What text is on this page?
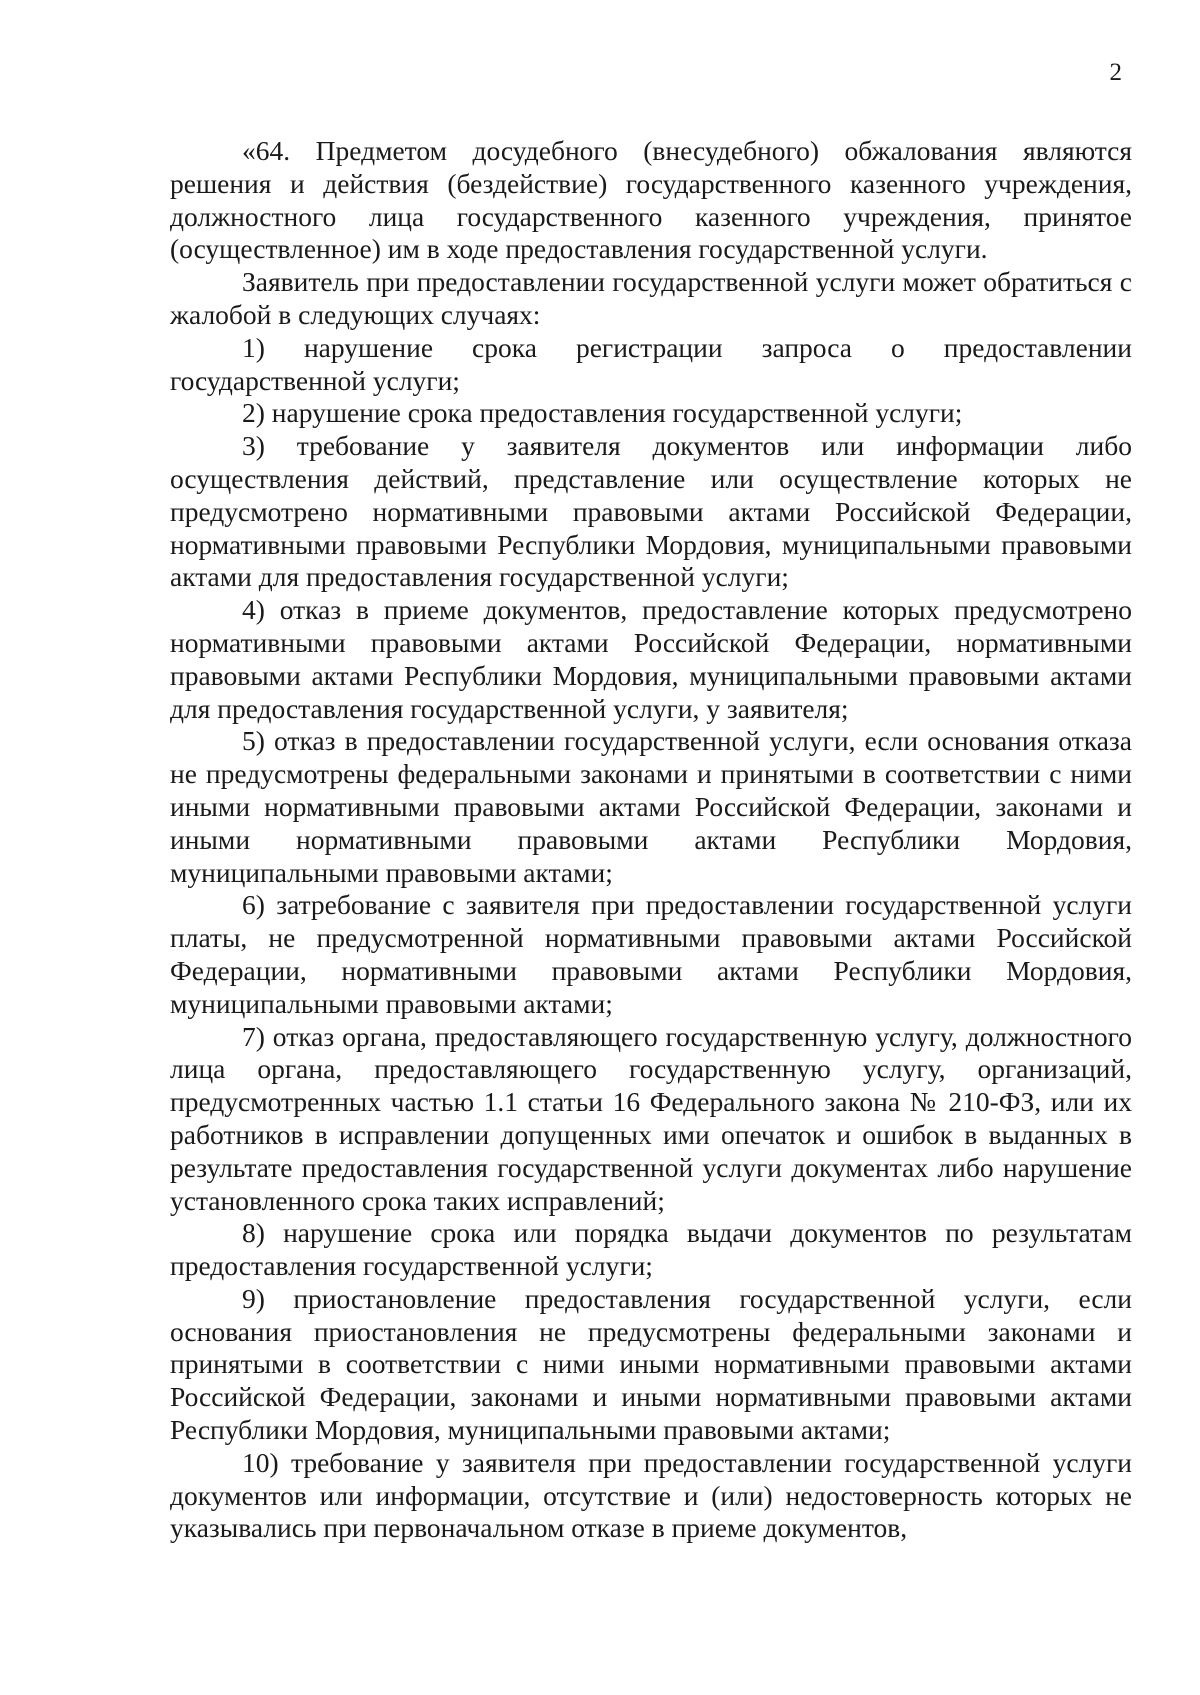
2

«64. Предметом досудебного (внесудебного) обжалования являются решения и действия (бездействие) государственного казенного учреждения, должностного лица государственного казенного учреждения, принятое (осуществленное) им в ходе предоставления государственной услуги.

Заявитель при предоставлении государственной услуги может обратиться с жалобой в следующих случаях:

1) нарушение срока регистрации запроса о предоставлении государственной услуги;

2) нарушение срока предоставления государственной услуги;

3) требование у заявителя документов или информации либо осуществления действий, представление или осуществление которых не предусмотрено нормативными правовыми актами Российской Федерации, нормативными правовыми Республики Мордовия, муниципальными правовыми актами для предоставления государственной услуги;

4) отказ в приеме документов, предоставление которых предусмотрено нормативными правовыми актами Российской Федерации, нормативными правовыми актами Республики Мордовия, муниципальными правовыми актами для предоставления государственной услуги, у заявителя;

5) отказ в предоставлении государственной услуги, если основания отказа не предусмотрены федеральными законами и принятыми в соответствии с ними иными нормативными правовыми актами Российской Федерации, законами и иными нормативными правовыми актами Республики Мордовия, муниципальными правовыми актами;

6) затребование с заявителя при предоставлении государственной услуги платы, не предусмотренной нормативными правовыми актами Российской Федерации, нормативными правовыми актами Республики Мордовия, муниципальными правовыми актами;

7) отказ органа, предоставляющего государственную услугу, должностного лица органа, предоставляющего государственную услугу, организаций, предусмотренных частью 1.1 статьи 16 Федерального закона № 210-ФЗ, или их работников в исправлении допущенных ими опечаток и ошибок в выданных в результате предоставления государственной услуги документах либо нарушение установленного срока таких исправлений;

8) нарушение срока или порядка выдачи документов по результатам предоставления государственной услуги;

9) приостановление предоставления государственной услуги, если основания приостановления не предусмотрены федеральными законами и принятыми в соответствии с ними иными нормативными правовыми актами Российской Федерации, законами и иными нормативными правовыми актами Республики Мордовия, муниципальными правовыми актами;

10) требование у заявителя при предоставлении государственной услуги документов или информации, отсутствие и (или) недостоверность которых не указывались при первоначальном отказе в приеме документов,
